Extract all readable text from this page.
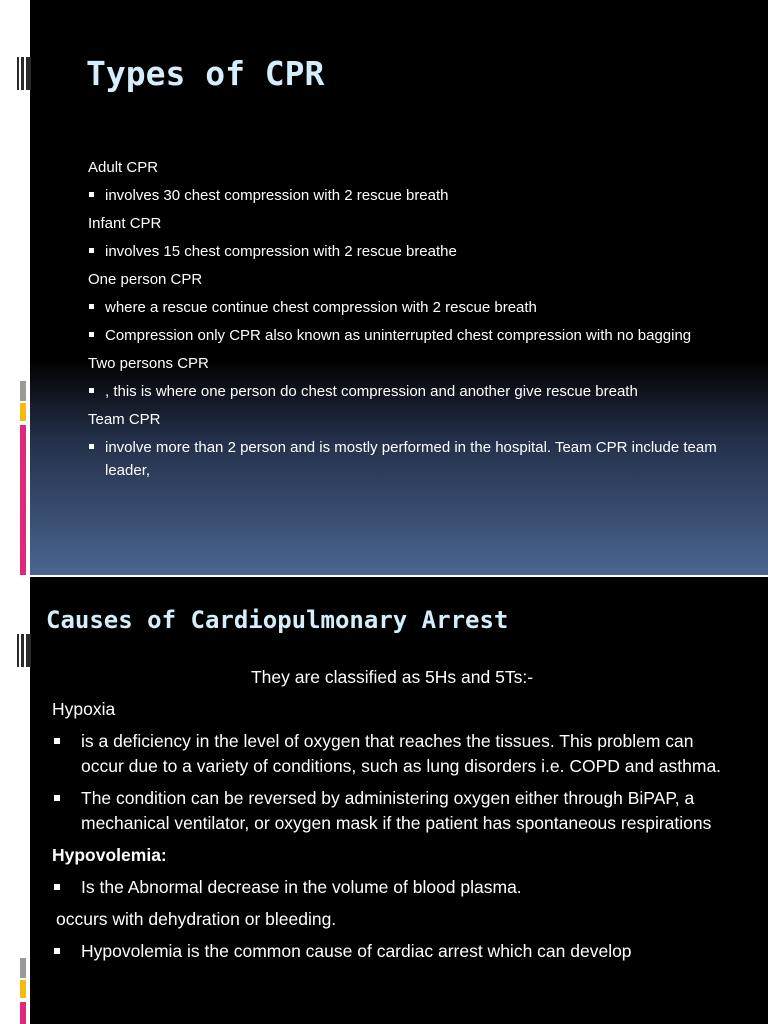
Types of CPR
Adult CPR
involves 30 chest compression with 2 rescue breath
Infant CPR
involves 15 chest compression with 2 rescue breathe
One person CPR
where a rescue continue chest compression with 2 rescue breath
Compression only CPR also known as uninterrupted chest compression with no bagging
Two persons CPR
, this is where one person do chest compression and another give rescue breath
Team CPR
involve more than 2 person and is mostly performed in the hospital. Team CPR include team leader,
Causes of Cardiopulmonary Arrest
They are classified as 5Hs and 5Ts:-
Hypoxia
is a deficiency in the level of oxygen that reaches the tissues. This problem can occur due to a variety of conditions, such as lung disorders i.e. COPD and asthma.
The condition can be reversed by administering oxygen either through BiPAP, a mechanical ventilator, or oxygen mask if the patient has spontaneous respirations
Hypovolemia:
Is the Abnormal decrease in the volume of blood plasma.
occurs with dehydration or bleeding.
Hypovolemia is the common cause of cardiac arrest which can develop
